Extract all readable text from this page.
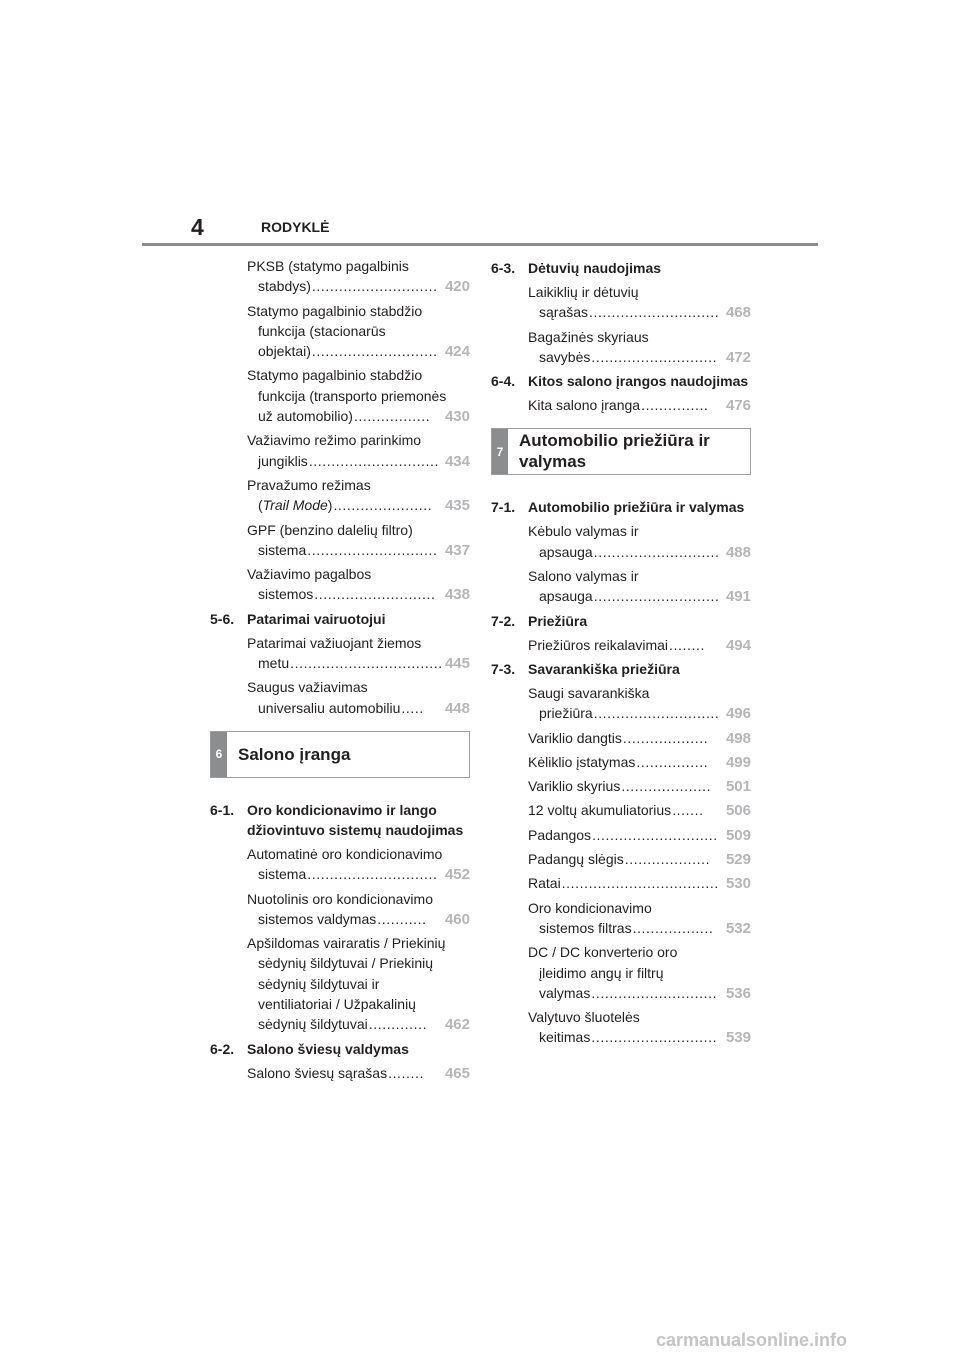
4	RODYKLĖ
PKSB (statymo pagalbinis
stabdys) ............................ 420
Statymo pagalbinio stabdžio
funkcija (stacionarūs
objektai) ............................ 424
Statymo pagalbinio stabdžio
funkcija (transporto priemonės
už automobilio) ................. 430
Važiavimo režimo parinkimo
jungiklis ............................. 434
Pravažumo režimas
(Trail Mode) ...................... 435
GPF (benzino dalelių filtro)
sistema ............................. 437
Važiavimo pagalbos
sistemos ........................... 438
5-6. Patarimai vairuotojui
Patarimai važiuojant žiemos
metu .................................. 445
Saugus važiavimas
universaliu automobiliu .....	448
6 Salono įranga
6-1. Oro kondicionavimo ir lango džiovintuvo sistemų naudojimas
Automatinė oro kondicionavimo
sistema ............................. 452
Nuotolinis oro kondicionavimo
sistemos valdymas ...........	460
Apšildomas vairaratis / Priekinių
sėdynių šildytuvai / Priekinių
sėdynių šildytuvai ir
ventiliatoriai / Užpakalinių
sėdynių šildytuvai .............	462
6-2. Salono šviesų valdymas
Salono šviesų sąrašas ........	465
6-3. Dėtuvių naudojimas
Laikiklių ir dėtuvių
sąrašas ............................. 468
Bagažinės skyriaus
savybės ............................ 472
6-4. Kitos salono įrangos naudojimas
Kita salono įranga ...............	476
7
Automobilio priežiūra ir valymas
7-1. Automobilio priežiūra ir valymas
Kėbulo valymas ir
apsauga ............................ 488
Salono valymas ir
apsauga ............................ 491
7-2. Priežiūra
Priežiūros reikalavimai ........	494
7-3. Savarankiška priežiūra
Saugi savarankiška
priežiūra ............................ 496
Variklio dangtis ...................	498
Kėliklio įstatymas ................	499
Variklio skyrius .................... 501
12 voltų akumuliatorius .......	506
Padangos ............................ 509
Padangų slėgis ...................	529
Ratai ................................... 530
Oro kondicionavimo
sistemos filtras .................. 532
DC / DC konverterio oro
įleidimo angų ir filtrų
valymas ............................ 536
Valytuvo šluotelės
keitimas ............................ 539
carmanualsonline.info
